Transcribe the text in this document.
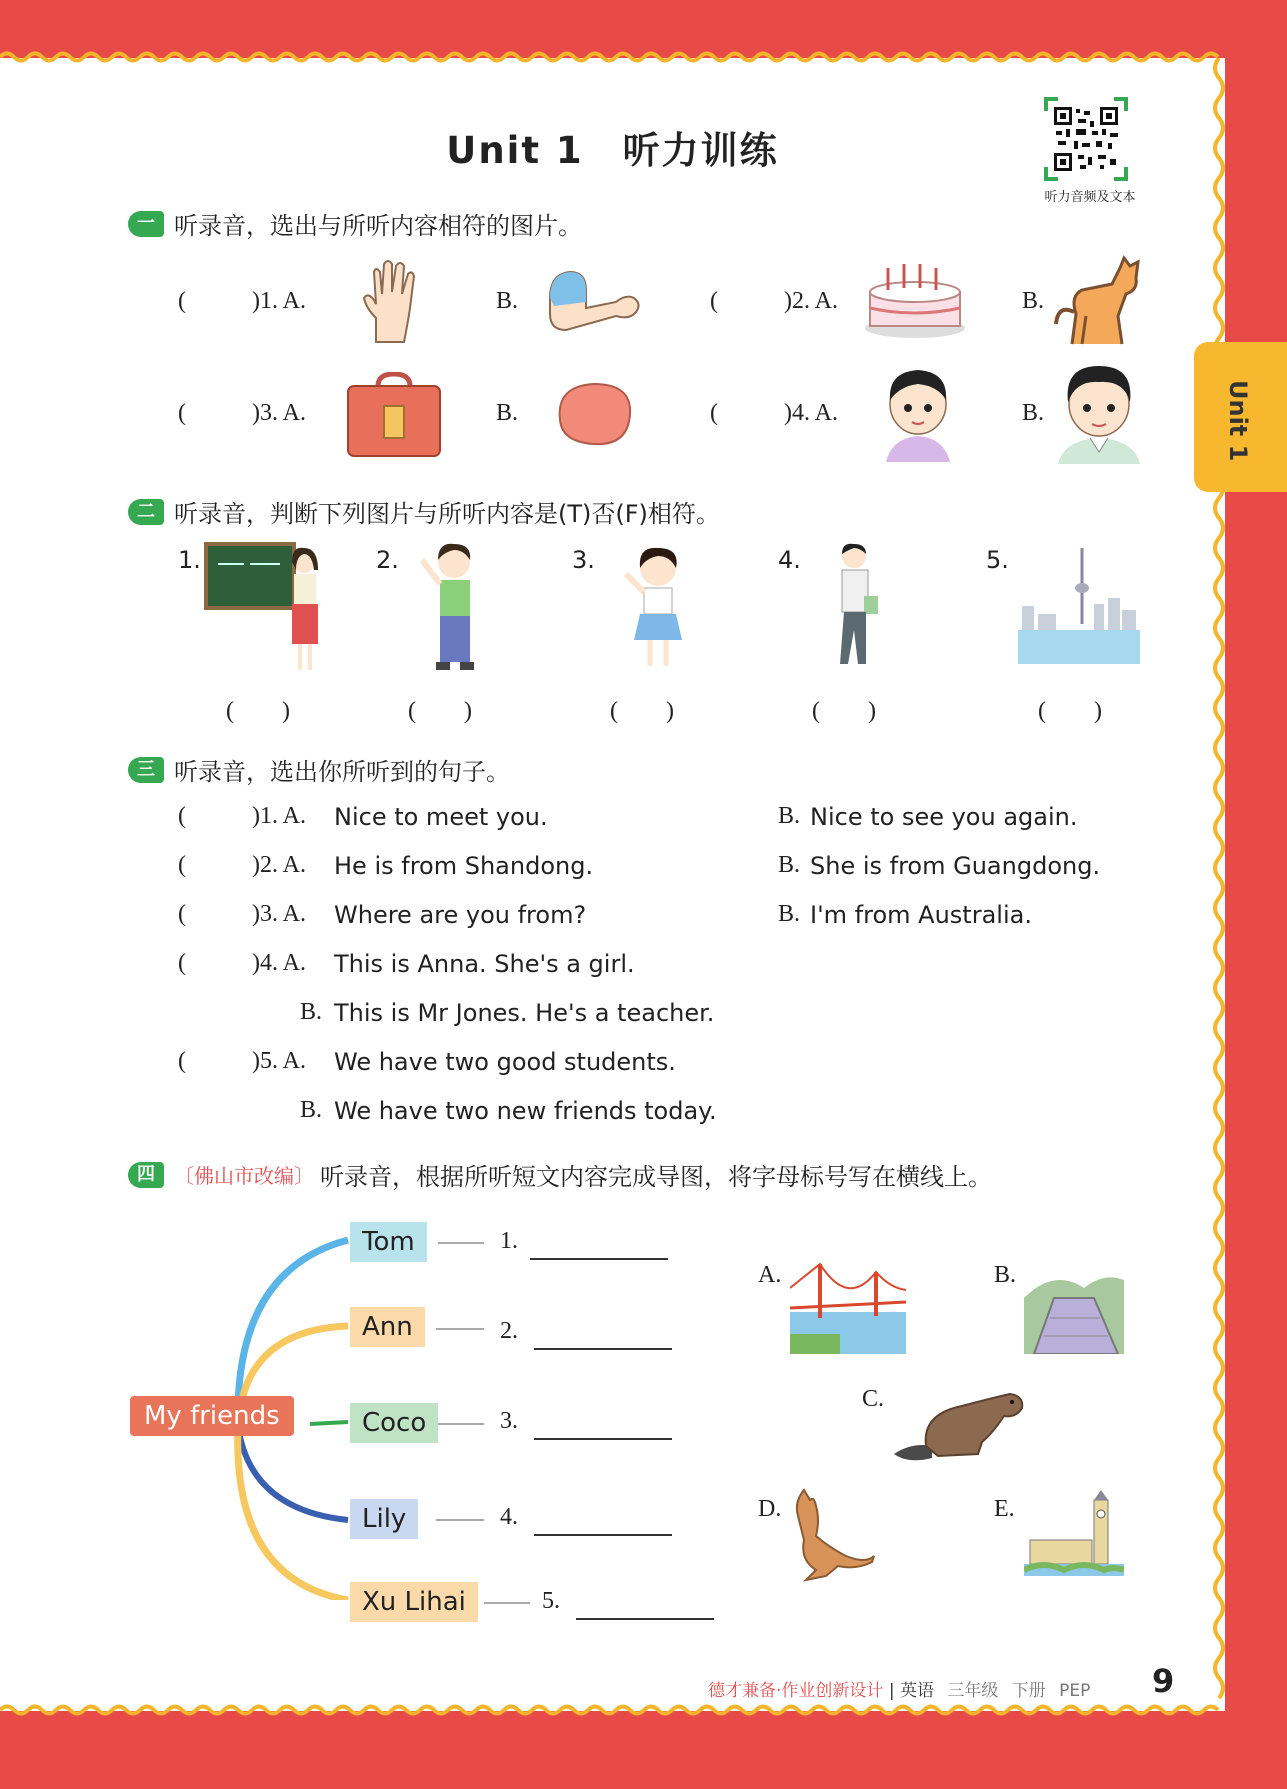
Unit 1　听力训练
听力音频及文本
Unit 1
一 听录音，选出与所听内容相符的图片。
(	)1. A.	B.	(	)2. A.	B.
(	)3. A.	B.	(	)4. A.	B.
二 听录音，判断下列图片与所听内容是(T)否(F)相符。
1.
(　　)
2.
(　　)
3.
(　　)
4.
(　　)
5.
(　　)
三 听录音，选出你所听到的句子。
(	)1. A. Nice to meet you.	B. Nice to see you again.
(	)2. A. He is from Shandong.	B. She is from Guangdong.
(	)3. A. Where are you from?	B. I'm from Australia.
(	)4. A. This is Anna. She's a girl.
B. This is Mr Jones. He's a teacher.
(	)5. A. We have two good students.
B. We have two new friends today.
四 〔佛山市改编〕 听录音，根据所听短文内容完成导图，将字母标号写在横线上。
My friends
Tom	1.
Ann	2.
Coco	3.
Lily	4.
Xu Lihai	5.
A.	B.
C.
D.	E.
德才兼备·作业创新设计 | 英语 三年级 下册 PEP 9
